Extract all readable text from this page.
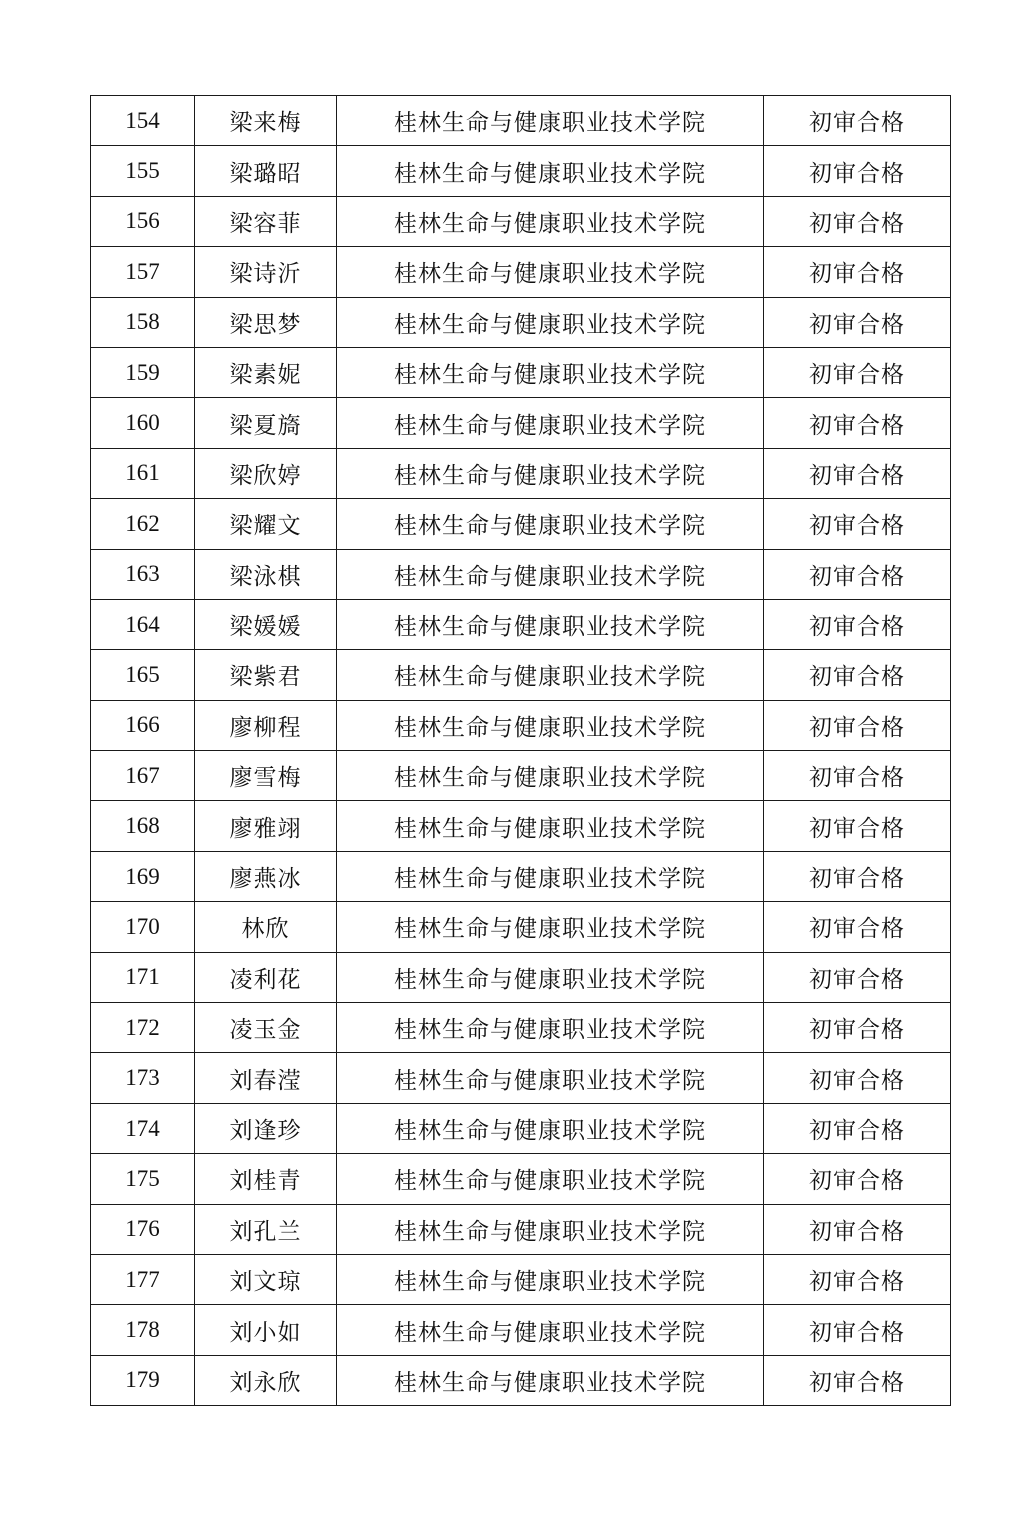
154	梁来梅	桂林生命与健康职业技术学院	初审合格
155	梁璐昭	桂林生命与健康职业技术学院	初审合格
156	梁容菲	桂林生命与健康职业技术学院	初审合格
157	梁诗沂	桂林生命与健康职业技术学院	初审合格
158	梁思梦	桂林生命与健康职业技术学院	初审合格
159	梁素妮	桂林生命与健康职业技术学院	初审合格
160	梁夏旖	桂林生命与健康职业技术学院	初审合格
161	梁欣婷	桂林生命与健康职业技术学院	初审合格
162	梁耀文	桂林生命与健康职业技术学院	初审合格
163	梁泳棋	桂林生命与健康职业技术学院	初审合格
164	梁媛媛	桂林生命与健康职业技术学院	初审合格
165	梁紫君	桂林生命与健康职业技术学院	初审合格
166	廖柳程	桂林生命与健康职业技术学院	初审合格
167	廖雪梅	桂林生命与健康职业技术学院	初审合格
168	廖雅翊	桂林生命与健康职业技术学院	初审合格
169	廖燕冰	桂林生命与健康职业技术学院	初审合格
170	林欣	桂林生命与健康职业技术学院	初审合格
171	凌利花	桂林生命与健康职业技术学院	初审合格
172	凌玉金	桂林生命与健康职业技术学院	初审合格
173	刘春滢	桂林生命与健康职业技术学院	初审合格
174	刘逢珍	桂林生命与健康职业技术学院	初审合格
175	刘桂青	桂林生命与健康职业技术学院	初审合格
176	刘孔兰	桂林生命与健康职业技术学院	初审合格
177	刘文琼	桂林生命与健康职业技术学院	初审合格
178	刘小如	桂林生命与健康职业技术学院	初审合格
179	刘永欣	桂林生命与健康职业技术学院	初审合格
